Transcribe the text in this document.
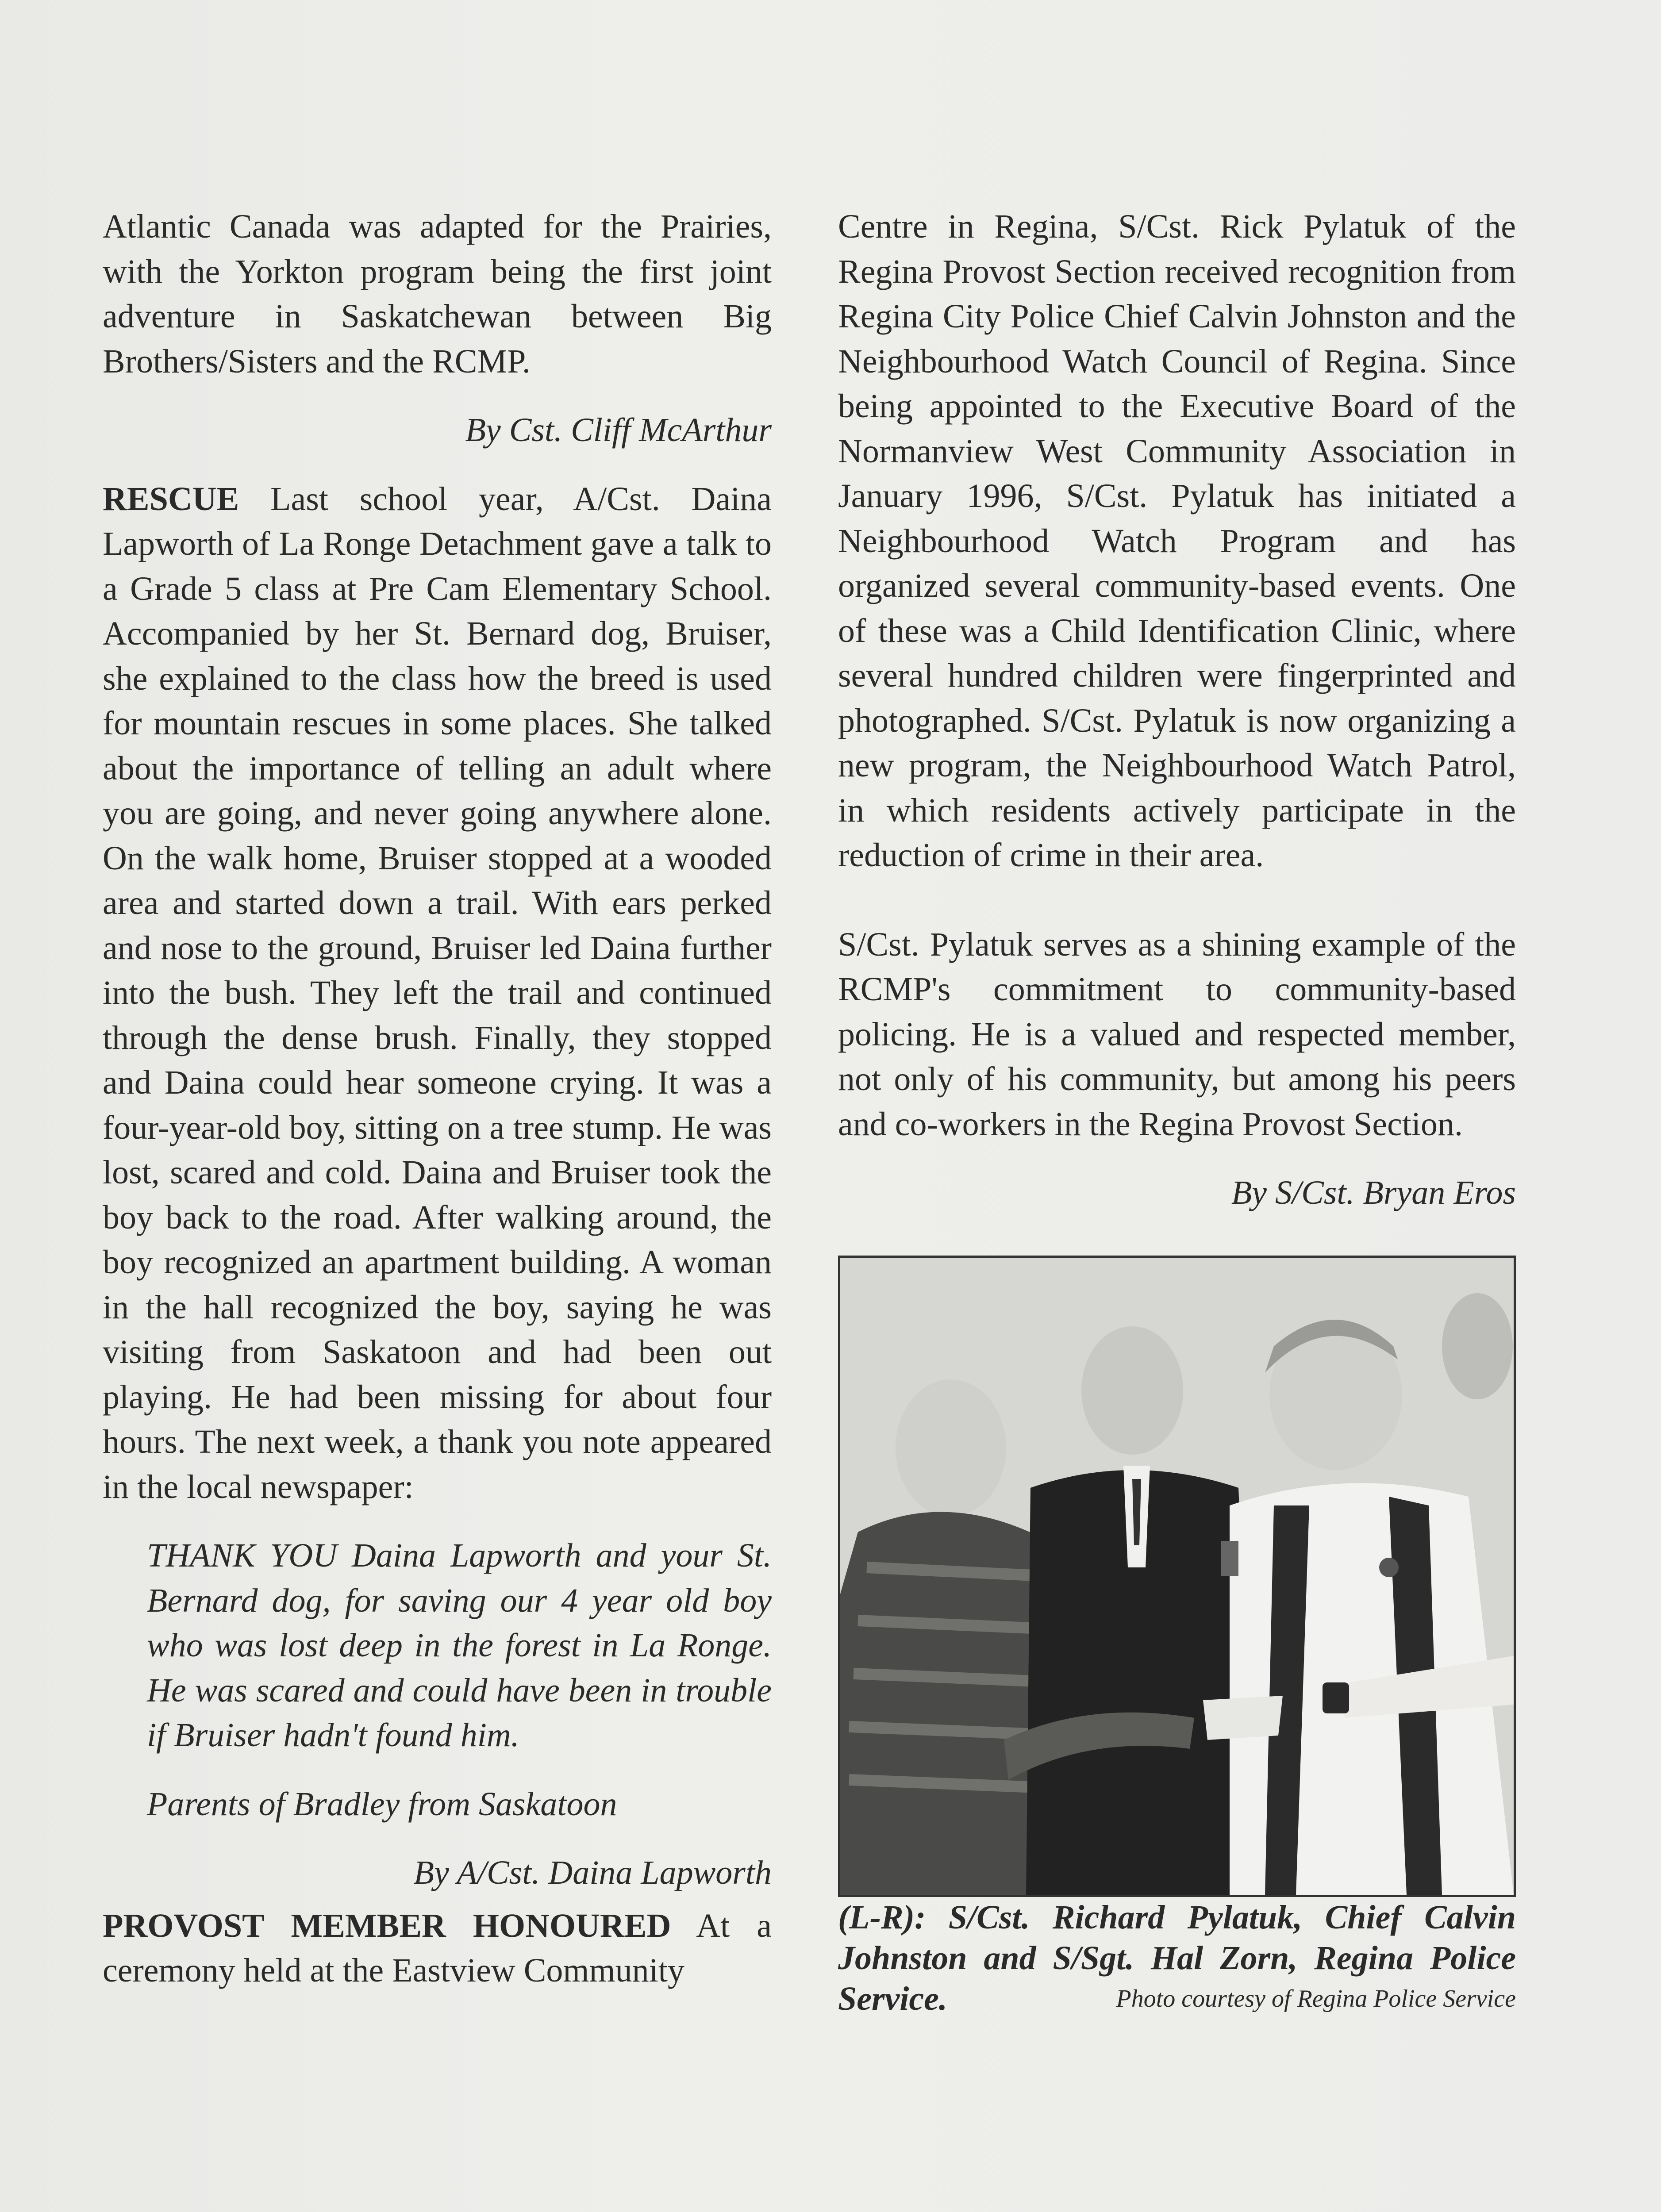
Atlantic Canada was adapted for the Prairies, with the Yorkton program being the first joint adventure in Saskatchewan between Big Brothers/Sisters and the RCMP.

By Cst. Cliff McArthur

RESCUE Last school year, A/Cst. Daina Lapworth of La Ronge Detachment gave a talk to a Grade 5 class at Pre Cam Elementary School. Accompanied by her St. Bernard dog, Bruiser, she explained to the class how the breed is used for mountain rescues in some places. She talked about the importance of telling an adult where you are going, and never going anywhere alone. On the walk home, Bruiser stopped at a wooded area and started down a trail. With ears perked and nose to the ground, Bruiser led Daina further into the bush. They left the trail and continued through the dense brush. Finally, they stopped and Daina could hear someone crying. It was a four-year-old boy, sitting on a tree stump. He was lost, scared and cold. Daina and Bruiser took the boy back to the road. After walking around, the boy recognized an apartment building. A woman in the hall recognized the boy, saying he was visiting from Saskatoon and had been out playing. He had been missing for about four hours. The next week, a thank you note appeared in the local newspaper:

THANK YOU Daina Lapworth and your St. Bernard dog, for saving our 4 year old boy who was lost deep in the forest in La Ronge. He was scared and could have been in trouble if Bruiser hadn't found him.

Parents of Bradley from Saskatoon

By A/Cst. Daina Lapworth

PROVOST MEMBER HONOURED At a ceremony held at the Eastview Community

Centre in Regina, S/Cst. Rick Pylatuk of the Regina Provost Section received recognition from Regina City Police Chief Calvin Johnston and the Neighbourhood Watch Council of Regina. Since being appointed to the Executive Board of the Normanview West Community Association in January 1996, S/Cst. Pylatuk has initiated a Neighbourhood Watch Program and has organized several community-based events. One of these was a Child Identification Clinic, where several hundred children were fingerprinted and photographed. S/Cst. Pylatuk is now organizing a new program, the Neighbourhood Watch Patrol, in which residents actively participate in the reduction of crime in their area.

S/Cst. Pylatuk serves as a shining example of the RCMP's commitment to community-based policing. He is a valued and respected member, not only of his community, but among his peers and co-workers in the Regina Provost Section.

By S/Cst. Bryan Eros

(L-R): S/Cst. Richard Pylatuk, Chief Calvin Johnston and S/Sgt. Hal Zorn, Regina Police Service.	Photo courtesy of Regina Police Service
